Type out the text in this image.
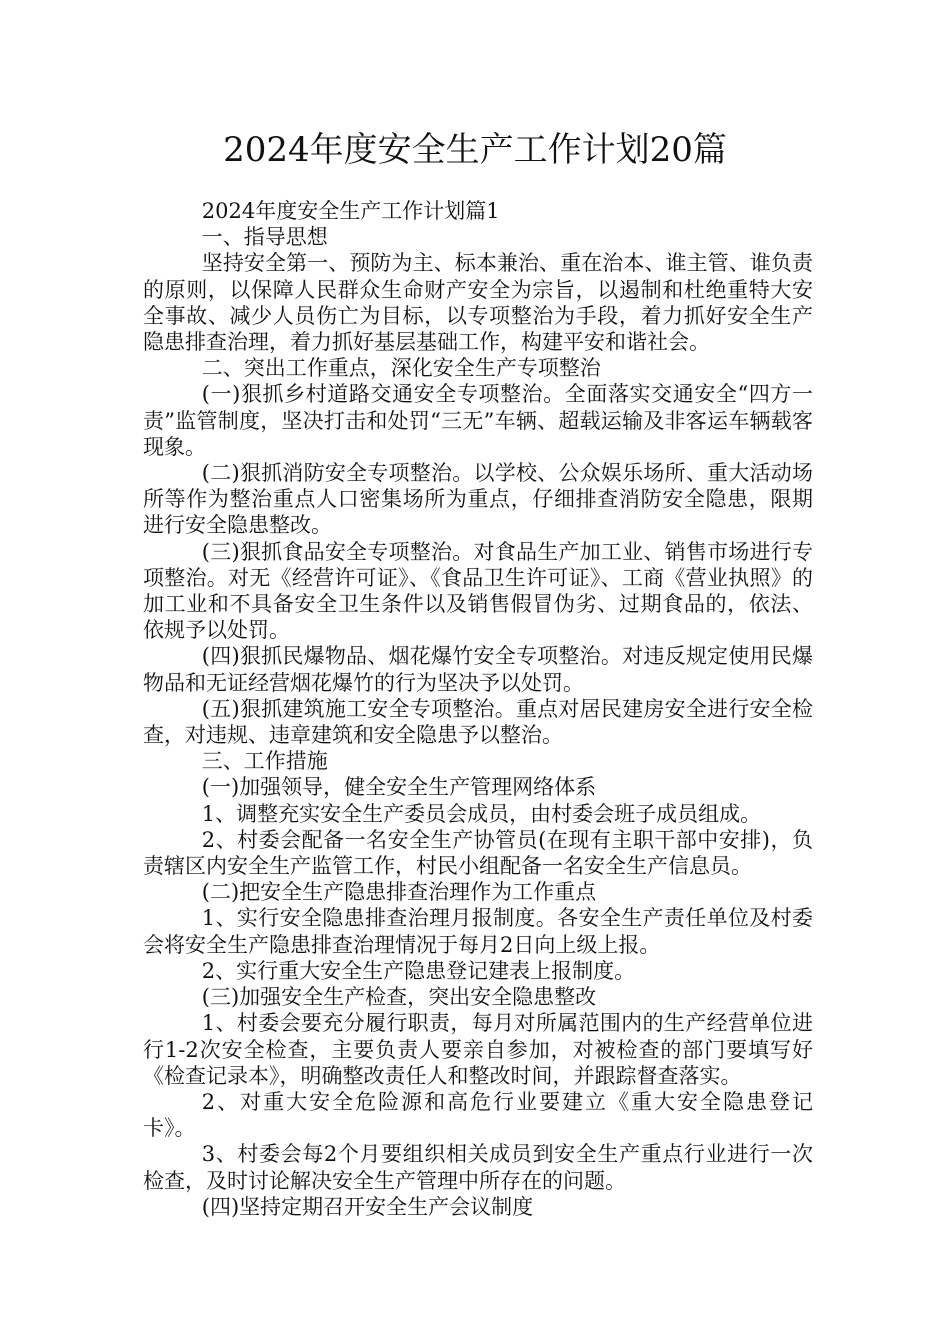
2024年度安全生产工作计划20篇

2024年度安全生产工作计划篇1

一、指导思想

坚持安全第一、预防为主、标本兼治、重在治本、谁主管、谁负责的原则，以保障人民群众生命财产安全为宗旨，以遏制和杜绝重特大安全事故、减少人员伤亡为目标，以专项整治为手段，着力抓好安全生产隐患排查治理，着力抓好基层基础工作，构建平安和谐社会。

二、突出工作重点，深化安全生产专项整治

(一)狠抓乡村道路交通安全专项整治。全面落实交通安全“四方一责”监管制度，坚决打击和处罚“三无”车辆、超载运输及非客运车辆载客现象。

(二)狠抓消防安全专项整治。以学校、公众娱乐场所、重大活动场所等作为整治重点人口密集场所为重点，仔细排查消防安全隐患，限期进行安全隐患整改。

(三)狠抓食品安全专项整治。对食品生产加工业、销售市场进行专项整治。对无《经营许可证》、《食品卫生许可证》、工商《营业执照》的加工业和不具备安全卫生条件以及销售假冒伪劣、过期食品的，依法、依规予以处罚。

(四)狠抓民爆物品、烟花爆竹安全专项整治。对违反规定使用民爆物品和无证经营烟花爆竹的行为坚决予以处罚。

(五)狠抓建筑施工安全专项整治。重点对居民建房安全进行安全检查，对违规、违章建筑和安全隐患予以整治。

三、工作措施

(一)加强领导，健全安全生产管理网络体系

1、调整充实安全生产委员会成员，由村委会班子成员组成。

2、村委会配备一名安全生产协管员(在现有主职干部中安排)，负责辖区内安全生产监管工作，村民小组配备一名安全生产信息员。

(二)把安全生产隐患排查治理作为工作重点

1、实行安全隐患排查治理月报制度。各安全生产责任单位及村委会将安全生产隐患排查治理情况于每月2日向上级上报。

2、实行重大安全生产隐患登记建表上报制度。

(三)加强安全生产检查，突出安全隐患整改

1、村委会要充分履行职责，每月对所属范围内的生产经营单位进行1-2次安全检查，主要负责人要亲自参加，对被检查的部门要填写好《检查记录本》，明确整改责任人和整改时间，并跟踪督查落实。

2、对重大安全危险源和高危行业要建立《重大安全隐患登记卡》。

3、村委会每2个月要组织相关成员到安全生产重点行业进行一次检查，及时讨论解决安全生产管理中所存在的问题。

(四)坚持定期召开安全生产会议制度
